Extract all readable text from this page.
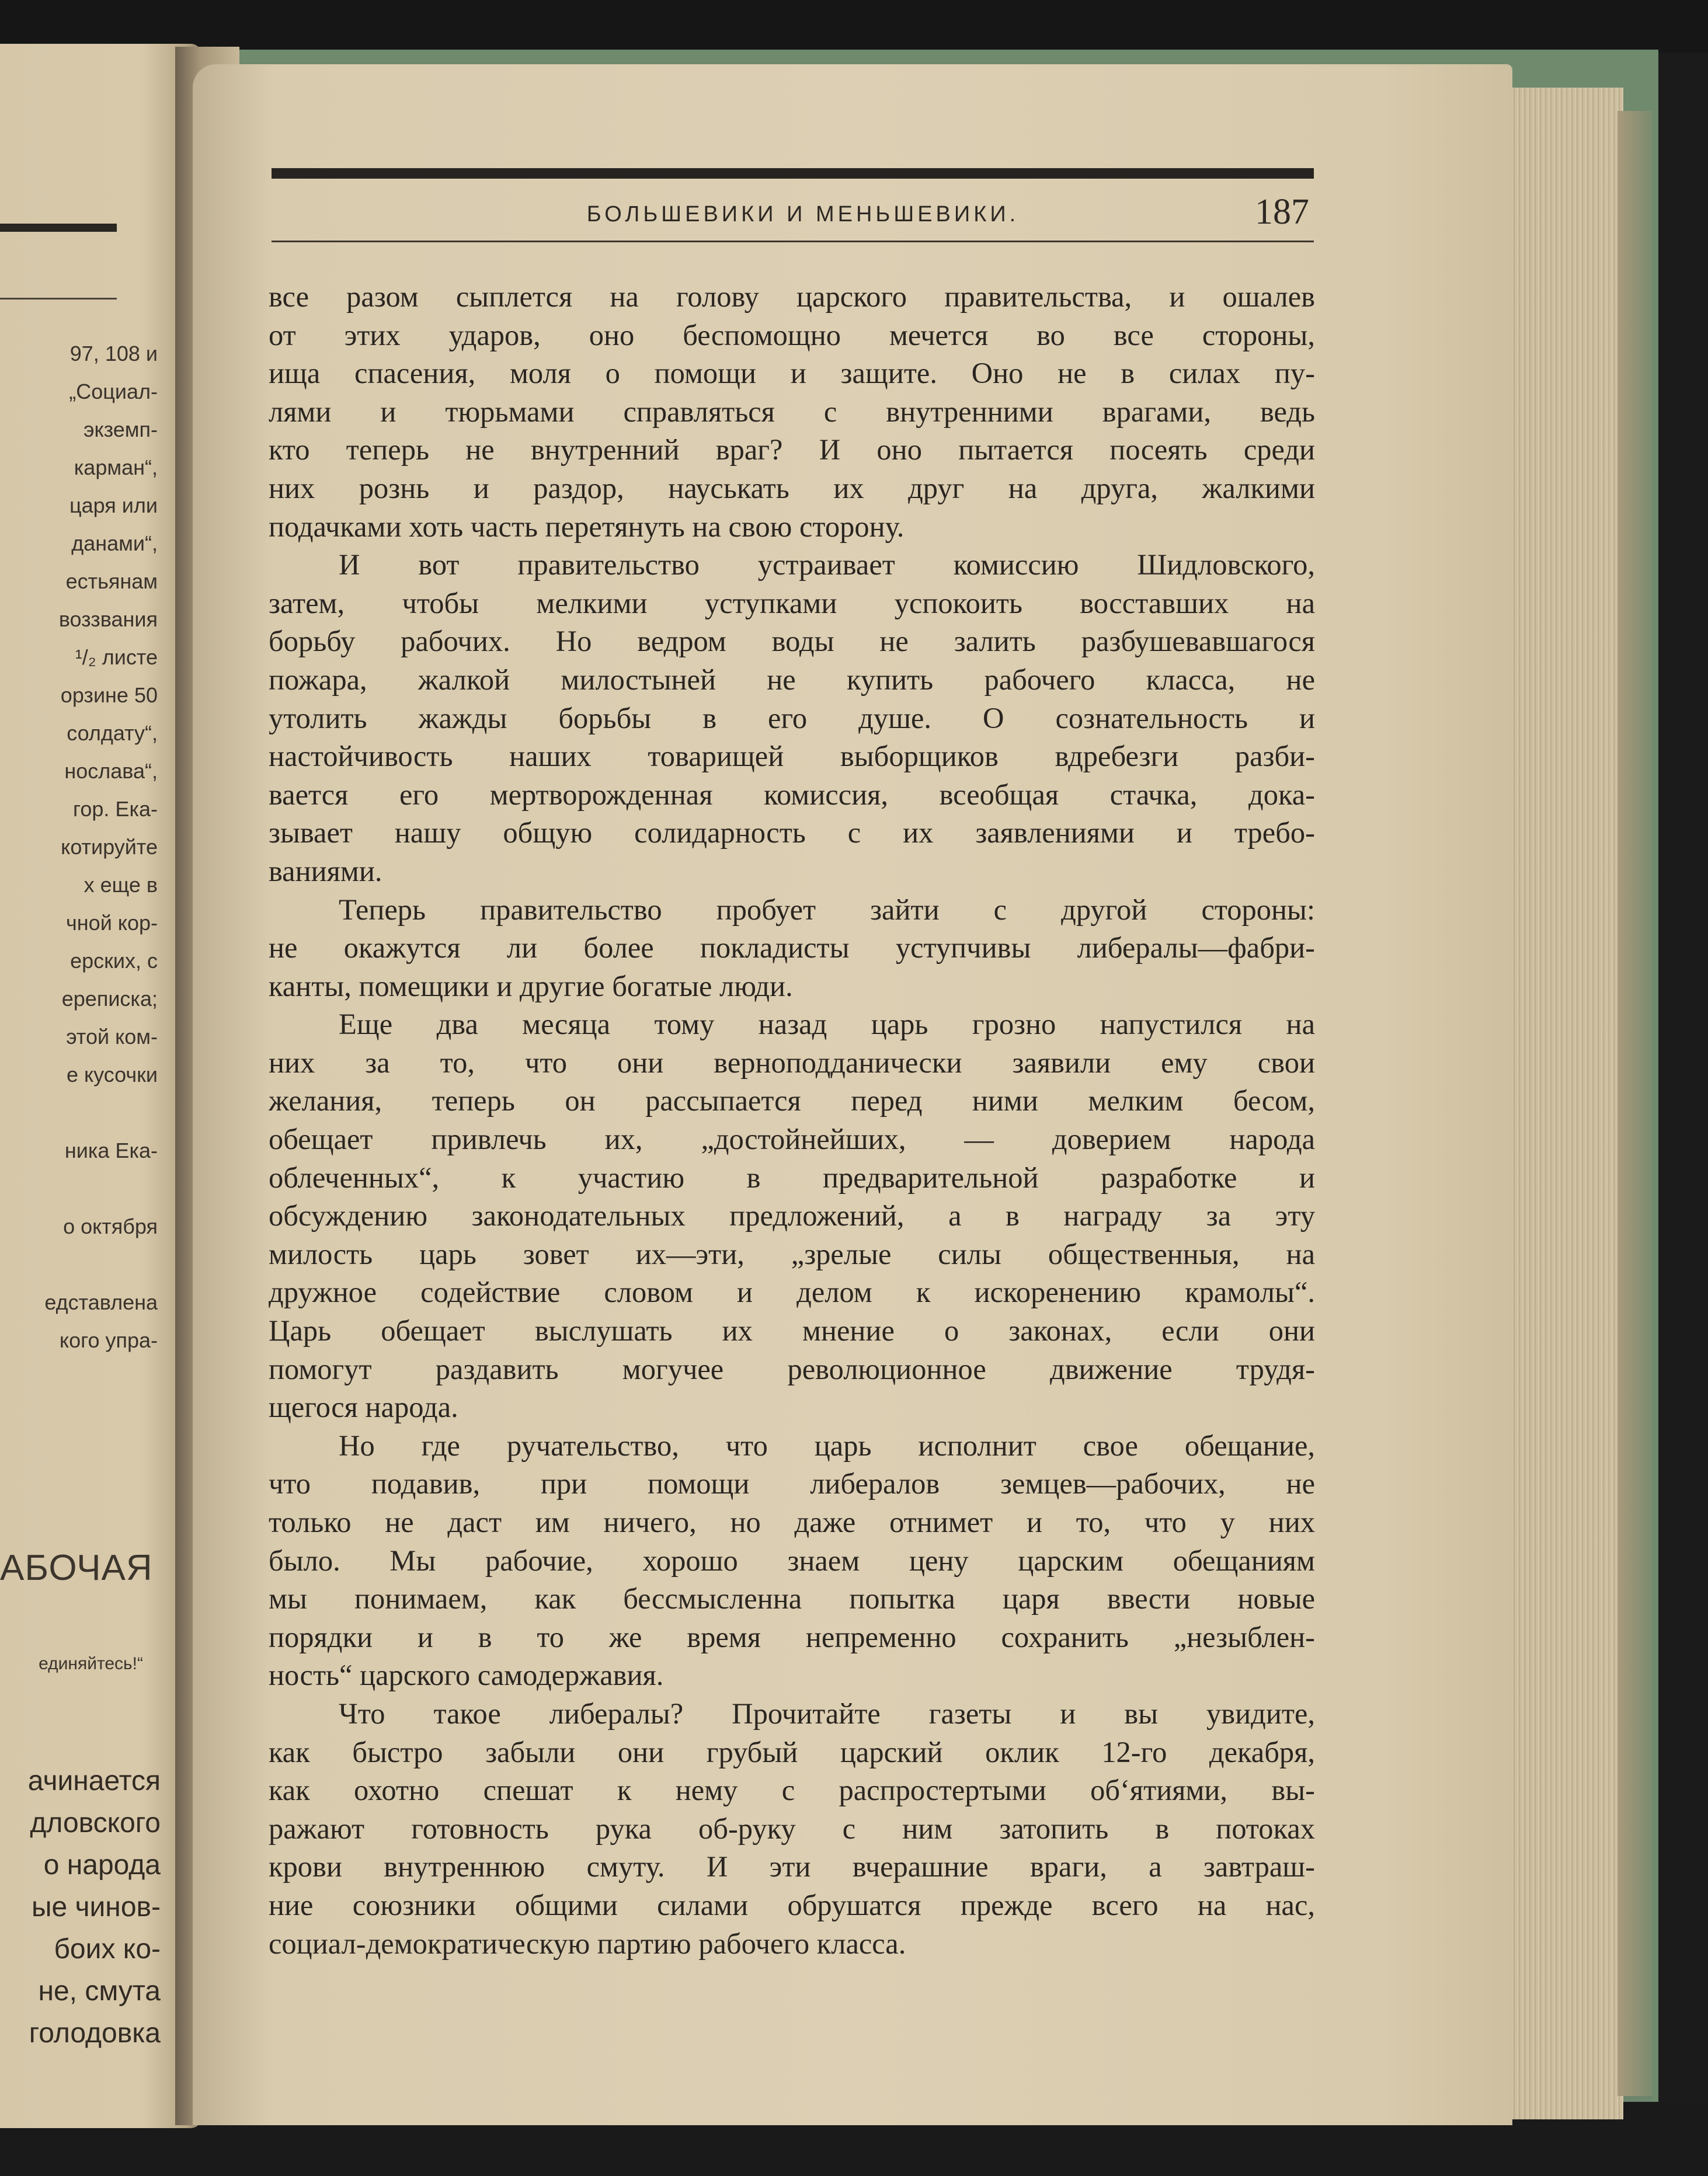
97, 108 и
„Социал-
экземп-
карман“,
царя или
данами“,
естьянам
воззвания
¹/₂ листе
орзине 50
солдату“,
нослава“,
гор. Ека-
котируйте
х еще в
чной кор-
ерских, с
ереписка;
этой ком-
е кусочки
ника Ека-
о октября
едставлена
кого упра-
АБОЧАЯ
единяйтесь!“
ачинается
дловского
о народа
ые чинов-
боих ко-
не, смута
голодовка
БОЛЬШЕВИКИ И МЕНЬШЕВИКИ.	187
все разом сыплется на голову царского правительства, и ошалев
от этих ударов, оно беспомощно мечется во все стороны,
ища спасения, моля о помощи и защите. Оно не в силах пу-
лями и тюрьмами справляться с внутренними врагами, ведь
кто теперь не внутренний враг? И оно пытается посеять среди
них рознь и раздор, науськать их друг на друга, жалкими
подачками хоть часть перетянуть на свою сторону.
И вот правительство устраивает комиссию Шидловского,
затем, чтобы мелкими уступками успокоить восставших на
борьбу рабочих. Но ведром воды не залить разбушевавшагося
пожара, жалкой милостыней не купить рабочего класса, не
утолить жажды борьбы в его душе. О сознательность и
настойчивость наших товарищей выборщиков вдребезги разби-
вается его мертворожденная комиссия, всеобщая стачка, дока-
зывает нашу общую солидарность с их заявлениями и требо-
ваниями.
Теперь правительство пробует зайти с другой стороны:
не окажутся ли более покладисты уступчивы либералы—фабри-
канты, помещики и другие богатые люди.
Еще два месяца тому назад царь грозно напустился на
них за то, что они верноподданически заявили ему свои
желания, теперь он рассыпается перед ними мелким бесом,
обещает привлечь их, „достойнейших, — доверием народа
облеченных“, к участию в предварительной разработке и
обсуждению законодательных предложений, а в награду за эту
милость царь зовет их—эти, „зрелые силы общественныя, на
дружное содействие словом и делом к искоренению крамолы“.
Царь обещает выслушать их мнение о законах, если они
помогут раздавить могучее революционное движение трудя-
щегося народа.
Но где ручательство, что царь исполнит свое обещание,
что подавив, при помощи либералов земцев—рабочих, не
только не даст им ничего, но даже отнимет и то, что у них
было. Мы рабочие, хорошо знаем цену царским обещаниям
мы понимаем, как бессмысленна попытка царя ввести новые
порядки и в то же время непременно сохранить „незыблен-
ность“ царского самодержавия.
Что такое либералы? Прочитайте газеты и вы увидите,
как быстро забыли они грубый царский оклик 12-го декабря,
как охотно спешат к нему с распростертыми об‘ятиями, вы-
ражают готовность рука об-руку с ним затопить в потоках
крови внутреннюю смуту. И эти вчерашние враги, а завтраш-
ние союзники общими силами обрушатся прежде всего на нас,
социал-демократическую партию рабочего класса.
